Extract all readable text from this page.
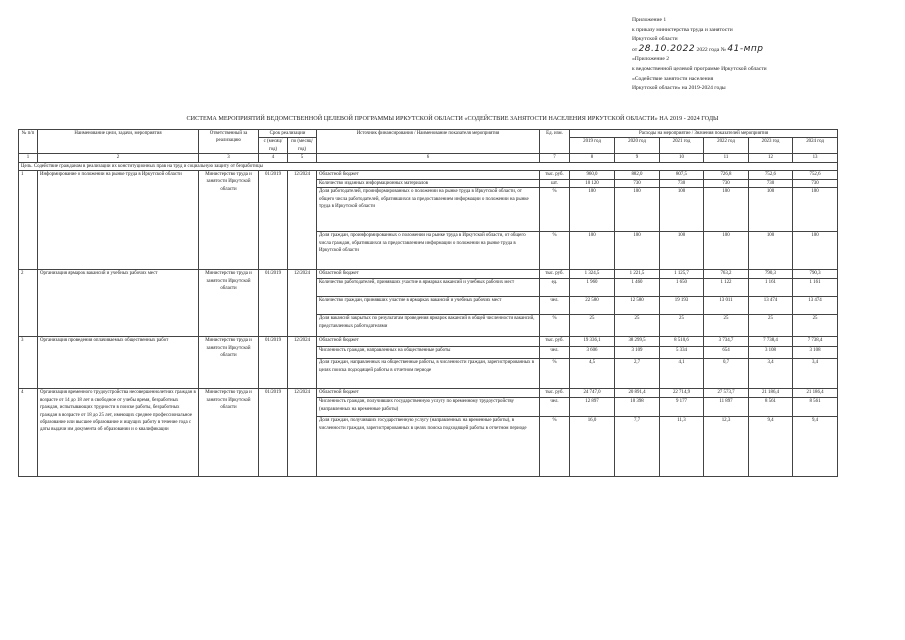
Приложение 1
к приказу министерства труда и занятости
Иркутской области
от 28.10.2022 2022 года № 41-мпр
«Приложение 2
к ведомственной целевой программе Иркутской области
«Содействие занятости населения
Иркутской области» на 2019-2024 годы
СИСТЕМА МЕРОПРИЯТИЙ ВЕДОМСТВЕННОЙ ЦЕЛЕВОЙ ПРОГРАММЫ ИРКУТСКОЙ ОБЛАСТИ «СОДЕЙСТВИЕ ЗАНЯТОСТИ НАСЕЛЕНИЯ ИРКУТСКОЙ ОБЛАСТИ» НА 2019 - 2024 ГОДЫ
№ п/п	Наименование цели, задачи, мероприятия	Ответственный за реализацию	Срок реализации		Источник финансирования / Наименование показателя мероприятия	Ед. изм.	Расходы на мероприятие / Значения показателей мероприятия					
			с (месяц/ год)	по (месяц/ год)			2019 год	2020 год	2021 год	2022 год	2023 год	2024 год

1	2	3	4	5	6	7	8	9	10	11	12	13
Цель. Содействие гражданам в реализации их конституционных прав на труд и социальную защиту от безработицы												
1	Информирование о положении на рынке труда в Иркутской области	Министерство труда и занятости Иркутской области	01/2019	12/2024	Областной бюджет	тыс. руб.	960,0	882,0	807,5	726,8	752,6	752,6
					Количество изданных информационных материалов	шт.	10 120	730	730	730	730	730
					Доля работодателей, проинформированных о положении на рынке труда в Иркутской области, от общего числа работодателей, обратившихся за предоставлением информации о положении на рынке труда в Иркутской области	%	100	100	100	100	100	100
					Доля граждан, проинформированных о положении на рынке труда в Иркутской области, от общего числа граждан, обратившихся за предоставлением информации о положении на рынке труда в Иркутской области	%	100	100	100	100	100	100
2	Организация ярмарок вакансий и учебных рабочих мест	Министерство труда и занятости Иркутской области	01/2019	12/2024	Областной бюджет	тыс. руб.	1 324,5	1 221,5	1 125,7	763,2	790,3	790,3
					Количество работодателей, принявших участие в ярмарках вакансий и учебных рабочих мест	ед.	1 960	1 460	1 650	1 122	1 161	1 161
					Количество граждан, принявших участие в ярмарках вакансий и учебных рабочих мест	чел.	22 580	12 580	19 193	13 011	13 474	13 474
					Доля вакансий закрытых по результатам проведения ярмарок вакансий в общей численности вакансий, представленных работодателями	%	25	25	25	25	25	25
3	Организация проведения оплачиваемых общественных работ	Министерство труда и занятости Иркутской области	01/2019	12/2024	Областной бюджет	тыс. руб.	19 336,1	38 299,5	8 510,6	3 734,7	7 738,4	7 738,4
					Численность граждан, направленных на общественные работы	чел.	3 606	3 109	5 334	654	3 108	3 108
					Доля граждан, направленных на общественные работы, в численности граждан, зарегистрированных в целях поиска подходящей работы в отчетном периоде	%	4,5	2,7	4,1	0,7	3,4	3,4
4	Организация временного трудоустройства несовершеннолетних граждан в возрасте от 14 до 18 лет в свободное от учебы время, безработных граждан, испытывающих трудности в поиске работы, безработных граждан в возрасте от 18 до 25 лет, имеющих среднее профессиональное образование или высшее образование и ищущих работу в течение года с даты выдачи им документа об образовании и о квалификации	Министерство труда и занятости Иркутской области	01/2019	12/2024	Областной бюджет	тыс. руб.	24 747,0	20 891,4	22 714,9	27 573,7	21 186,4	21 186,4
					Численность граждан, получивших государственную услугу по временному трудоустройству (направленных на временные работы)	чел.	12 897	10 398	9 177	11 897	8 561	8 561
					Доля граждан, получивших государственную услугу (направленных на временные работы), в численности граждан, зарегистрированных в целях поиска подходящей работы в отчетном периоде	%	16,0	7,7	11,3	12,3	9,4	9,4
